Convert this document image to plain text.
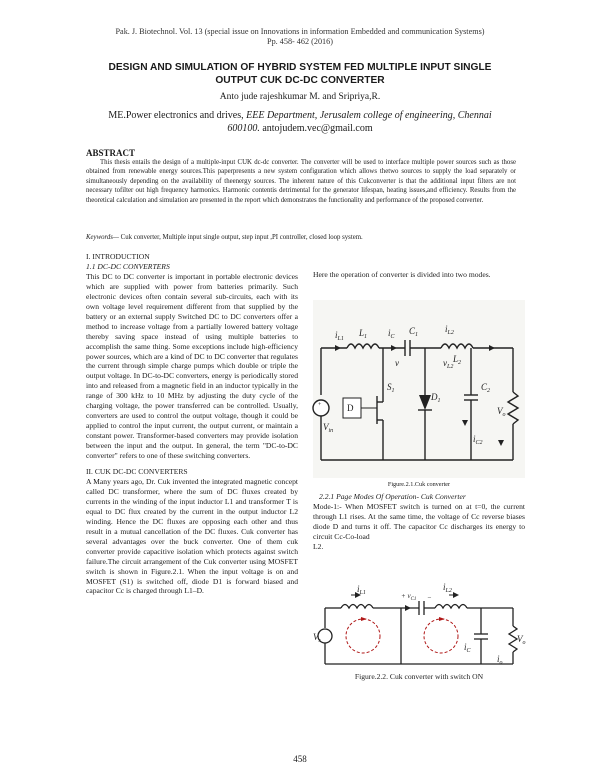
Pak. J. Biotechnol. Vol. 13 (special issue on Innovations in information Embedded and communication Systems)
Pp. 458- 462 (2016)
DESIGN AND SIMULATION OF HYBRID SYSTEM FED MULTIPLE INPUT SINGLE
OUTPUT CUK DC-DC CONVERTER
Anto jude rajeshkumar M. and Sripriya,R.
ME.Power electronics and drives, EEE Department, Jerusalem college of engineering, Chennai
600100. antojudem.vec@gmail.com
ABSTRACT
This thesis entails the design of a multiple-input CUK dc-dc converter. The converter will be used to interface multiple power sources such as those obtained from renewable energy sources.This paperpresents a new system configuration which allows thetwo sources to supply the load separately or simultaneously depending on the availability of theenergy sources. The inherent nature of this Cukconverter is that the additional input filters are not necessary tofilter out high frequency harmonics. Harmonic contentis detrimental for the generator lifespan, heating issues,and efficiency. Results from the theoretical calculation and simulation are presented in the report which demonstrates the functionality and performance of the proposed converter.
Keywords— Cuk converter, Multiple input single output, step input ,PI controller, closed loop system.
I. INTRODUCTION
1.1 DC-DC CONVERTERS

This DC to DC converter is important in portable electronic devices which are supplied with power from batteries primarily. Such electronic devices often contain several sub-circuits, each with its own voltage level requirement different from that supplied by the battery or an external supply Switched DC to DC converters offer a method to increase voltage from a partially lowered battery voltage thereby saving space instead of using multiple batteries to accomplish the same thing. Some exceptions include high-efficiency power sources, which are a kind of DC to DC converter that regulates the current through simple charge pumps which double or triple the output voltage. In DC-to-DC converters, energy is periodically stored into and released from a magnetic field in an inductor typically in the range of 300 kHz to 10 MHz by adjusting the duty cycle of the charging voltage, the power transferred can be controlled. Usually, converters are used to control the output voltage, though it could be applied to control the input current, the output current, or maintain a constant power. Transformer-based converters may provide isolation between the input and the output. In general, the term "DC-to-DC converter" refers to one of these switching converters.

II. CUK DC-DC CONVERTERS

A Many years ago, Dr. Cuk invented the integrated magnetic concept called DC transformer, where the sum of DC fluxes created by currents in the winding of the input inductor L1 and transformer T is equal to DC flux created by the current in the output inductor L2 winding. Hence the DC fluxes are opposing each other and thus result in a mutual cancellation of the DC fluxes. Cuk converter has several advantages over the buck converter. One of them cuk converter provide capacitive isolation which protects against switch failure.The circuit arrangement of the Cuk converter using MOSFET switch is shown in Figure.2.1. When the input voltage is on and MOSFET (S1) is switched off, diode D1 is forward biased and capacitor Cc is charged through L1–D.

Here the operation of converter is divided into two modes.
+
$i_{L1}$
$L_1$ $i_C$
$C_1$
$i_{L2}$
$L_2$
v	$v_{L2}$
$C_2$
$V_o$
$S_1$
D
$D_1$
$V_{in}$
$i_{C2}$
Figure.2.1.Cuk converter
2.2.1 Page Modes Of Operation- Cuk Converter

Mode-1:- When MOSFET switch is turned on at t=0, the current through L1 rises. At the same time, the voltage of Cc reverse biases diode D and turns it off. The capacitor Cc discharges its energy to circuit Cc-Co-load

L2.

$i_{L1}$
$i_{L2}$
+ $v_{C1}$ −
$V_s$	$V_o$
$i_C$
$i_o$
Figure.2.2. Cuk converter with switch ON
458
